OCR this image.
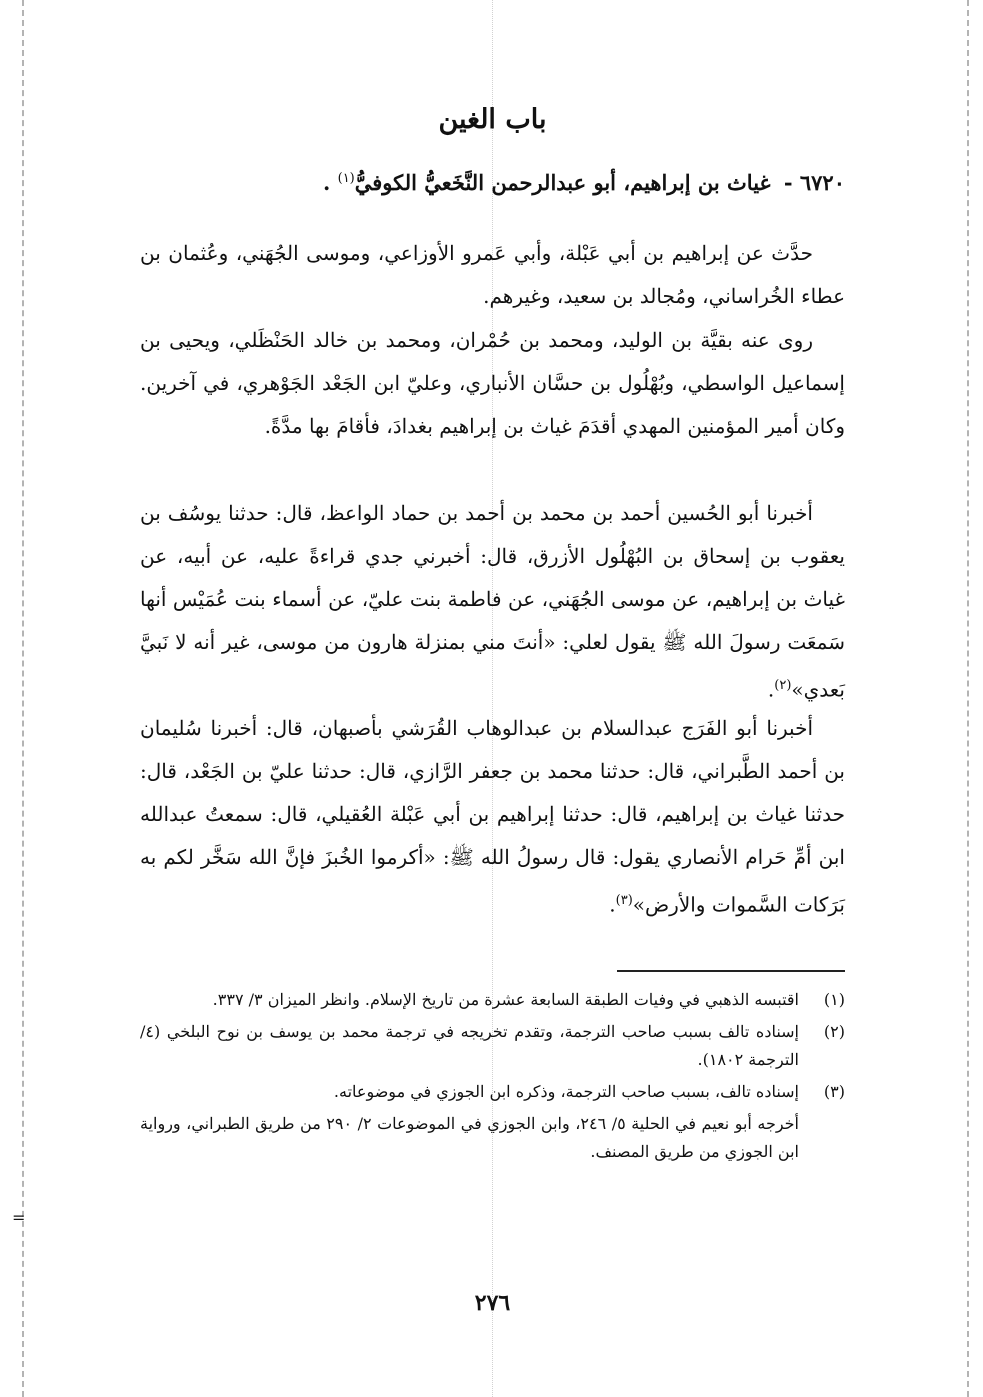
باب الغين
٦٧٢٠ - غياث بن إبراهيم، أبو عبدالرحمن النَّخَعيُّ الكوفيُّ$^{(١)}$ .

حدَّث عن إبراهيم بن أبي عَبْلة، وأبي عَمرو الأوزاعي، وموسى الجُهَني، وعُثمان بن عطاء الخُراساني، ومُجالد بن سعيد، وغيرهم.

روى عنه بقيَّة بن الوليد، ومحمد بن حُمْران، ومحمد بن خالد الحَنْظَلي، ويحيى بن إسماعيل الواسطي، وبُهْلُول بن حسَّان الأنباري، وعليّ ابن الجَعْد الجَوْهري، في آخرين. وكان أمير المؤمنين المهدي أقدَمَ غياث بن إبراهيم بغدادَ، فأقامَ بها مدَّةً.

أخبرنا أبو الحُسين أحمد بن محمد بن أحمد بن حماد الواعظ، قال: حدثنا يوسُف بن يعقوب بن إسحاق بن البُهْلُول الأزرق، قال: أخبرني جدي قراءةً عليه، عن أبيه، عن غياث بن إبراهيم، عن موسى الجُهَني، عن فاطمة بنت عليّ، عن أسماء بنت عُمَيْس أنها سَمعَت رسولَ الله ﷺ يقول لعلي: «أنتَ مني بمنزلة هارون من موسى، غير أنه لا نَبيَّ بَعدي»$^{(٢)}$.

أخبرنا أبو الفَرَج عبدالسلام بن عبدالوهاب القُرَشي بأصبهان، قال: أخبرنا سُليمان بن أحمد الطَّبراني، قال: حدثنا محمد بن جعفر الرَّازي، قال: حدثنا عليّ بن الجَعْد، قال: حدثنا غياث بن إبراهيم، قال: حدثنا إبراهيم بن أبي عَبْلة العُقيلي، قال: سمعتُ عبدالله ابن أمِّ حَرام الأنصاري يقول: قال رسولُ الله ﷺ: «أكرموا الخُبزَ فإنَّ الله سَخَّر لكم به بَرَكات السَّموات والأرض»$^{(٣)}$.

(١)
اقتبسه الذهبي في وفيات الطبقة السابعة عشرة من تاريخ الإسلام. وانظر الميزان ٣/ ٣٣٧.
(٢)
إسناده تالف بسبب صاحب الترجمة، وتقدم تخريجه في ترجمة محمد بن يوسف بن نوح البلخي (٤/ الترجمة ١٨٠٢).
(٣)
إسناده تالف، بسبب صاحب الترجمة، وذكره ابن الجوزي في موضوعاته.

أخرجه أبو نعيم في الحلية ٥/ ٢٤٦، وابن الجوزي في الموضوعات ٢/ ٢٩٠ من طريق الطبراني، ورواية ابن الجوزي من طريق المصنف.

٢٧٦
=
